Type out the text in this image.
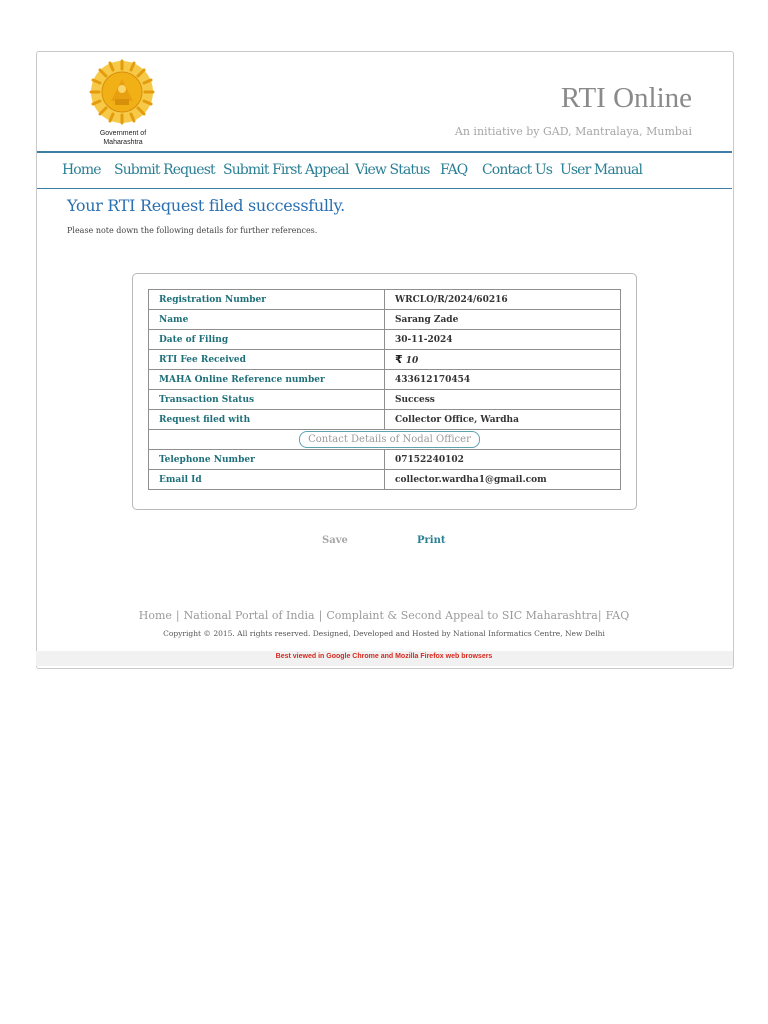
Government of
Maharashtra
RTI Online
An initiative by GAD, Mantralaya, Mumbai
Home Submit Request Submit First Appeal View Status FAQ Contact Us User Manual
Your RTI Request filed successfully.
Please note down the following details for further references.
Registration Number	WRCLO/R/2024/60216
Name	Sarang Zade
Date of Filing	30-11-2024
RTI Fee Received	₹ 10
MAHA Online Reference number	433612170454
Transaction Status	Success
Request filed with	Collector Office, Wardha
Contact Details of Nodal Officer	
Telephone Number	07152240102
Email Id	collector.wardha1@gmail.com
Save	Print
Home | National Portal of India | Complaint & Second Appeal to SIC Maharashtra| FAQ
Copyright © 2015. All rights reserved. Designed, Developed and Hosted by National Informatics Centre, New Delhi
Best viewed in Google Chrome and Mozilla Firefox web browsers
